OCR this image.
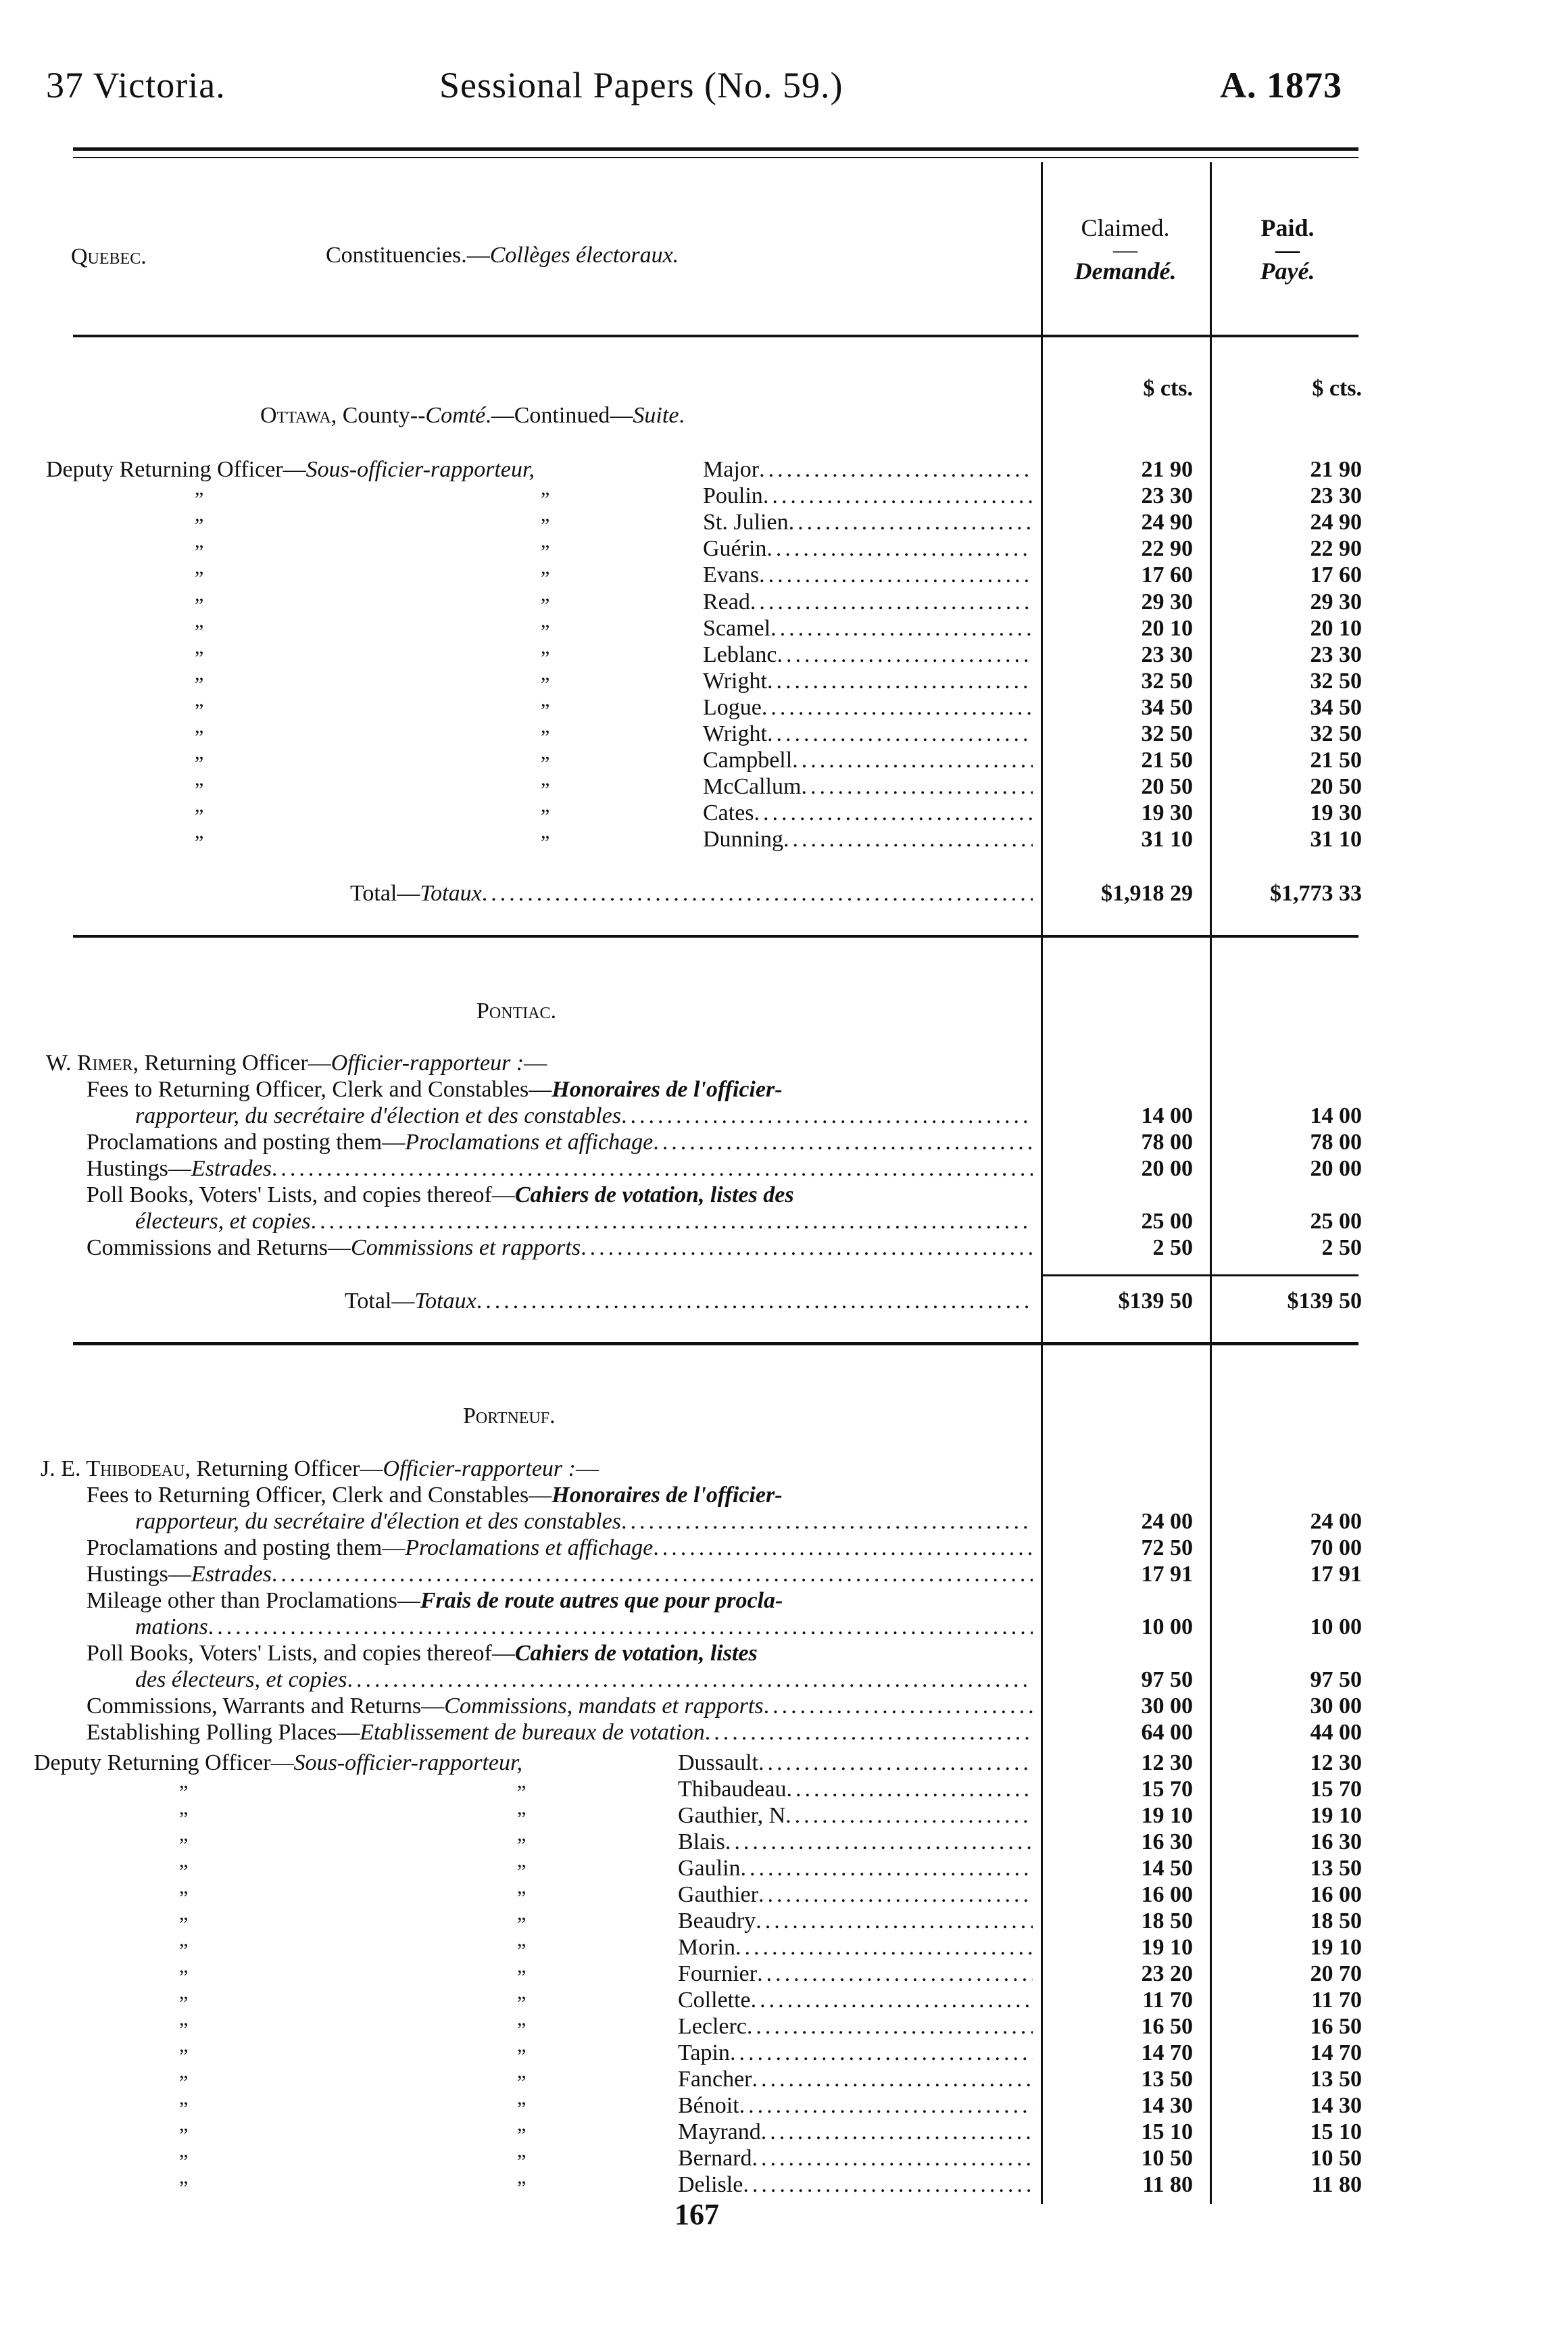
37 Victoria.	Sessional Papers (No. 59.)	A. 1873
Quebec.	Constituencies.—Collèges électoraux.
Claimed.
—
Demandé.
Paid.
—
Payé.
$ cts.	$ cts.
Ottawa, County--Comté.—Continued—Suite.
Deputy Returning Officer—Sous-officier-rapporteur,	Major .....	21 90	21 90
”	”	Poulin .....	23 30	23 30
”	”	St. Julien .....	24 90	24 90
”	”	Guérin .....	22 90	22 90
”	”	Evans .....	17 60	17 60
”	”	Read .....	29 30	29 30
”	”	Scamel .....	20 10	20 10
”	”	Leblanc .....	23 30	23 30
”	”	Wright .....	32 50	32 50
”	”	Logue .....	34 50	34 50
”	”	Wright .....	32 50	32 50
”	”	Campbell .....	21 50	21 50
”	”	McCallum .....	20 50	20 50
”	”	Cates .....	19 30	19 30
”	”	Dunning .....	31 10	31 10
Total—Totaux .....	$1,918 29	$1,773 33
Pontiac.
W. Rimer, Returning Officer—Officier-rapporteur :—
Fees to Returning Officer, Clerk and Constables—Honoraires de l'officier-
rapporteur, du secrétaire d'élection et des constables .....	14 00	14 00
Proclamations and posting them—Proclamations et affichage .....	78 00	78 00
Hustings—Estrades .....	20 00	20 00
Poll Books, Voters' Lists, and copies thereof—Cahiers de votation, listes des
électeurs, et copies .....	25 00	25 00
Commissions and Returns—Commissions et rapports .....	2 50	2 50
Total—Totaux .....	$139 50	$139 50
Portneuf.
J. E. Thibodeau, Returning Officer—Officier-rapporteur :—
Fees to Returning Officer, Clerk and Constables—Honoraires de l'officier-
rapporteur, du secrétaire d'élection et des constables .....	24 00	24 00
Proclamations and posting them—Proclamations et affichage .....	72 50	70 00
Hustings—Estrades .....	17 91	17 91
Mileage other than Proclamations—Frais de route autres que pour procla-
mations .....	10 00	10 00
Poll Books, Voters' Lists, and copies thereof—Cahiers de votation, listes
des électeurs, et copies .....	97 50	97 50
Commissions, Warrants and Returns—Commissions, mandats et rapports .....	30 00	30 00
Establishing Polling Places—Etablissement de bureaux de votation .....	64 00	44 00
Deputy Returning Officer—Sous-officier-rapporteur,	Dussault .....	12 30	12 30
”	”	Thibaudeau .....	15 70	15 70
”	”	Gauthier, N .....	19 10	19 10
”	”	Blais .....	16 30	16 30
”	”	Gaulin .....	14 50	13 50
”	”	Gauthier .....	16 00	16 00
”	”	Beaudry .....	18 50	18 50
”	”	Morin .....	19 10	19 10
”	”	Fournier .....	23 20	20 70
”	”	Collette .....	11 70	11 70
”	”	Leclerc .....	16 50	16 50
”	”	Tapin .....	14 70	14 70
”	”	Fancher .....	13 50	13 50
”	”	Bénoit .....	14 30	14 30
”	”	Mayrand .....	15 10	15 10
”	”	Bernard .....	10 50	10 50
”	”	Delisle .....	11 80	11 80
167
